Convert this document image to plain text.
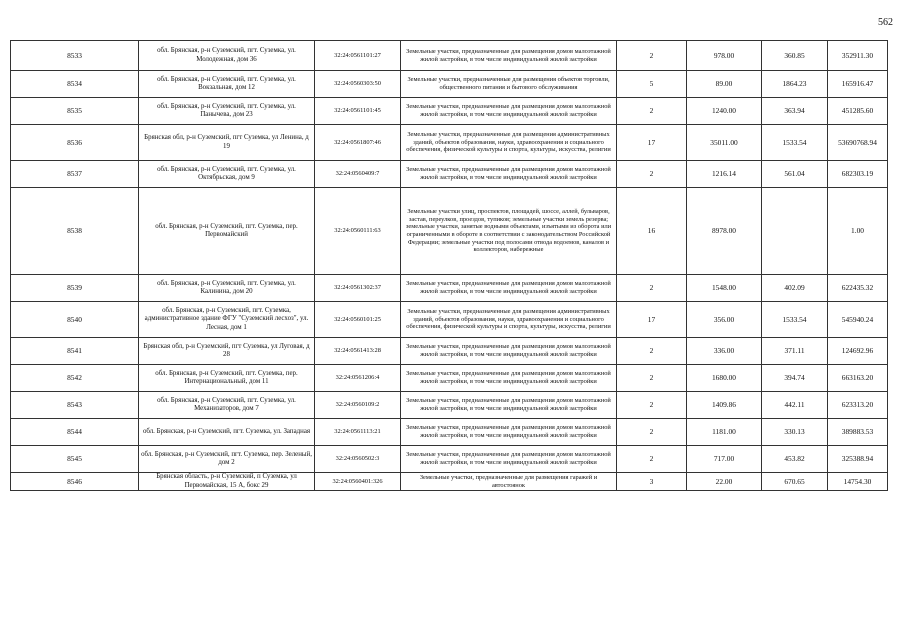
562
8533	обл. Брянская, р-н Суземский, пгт. Суземка, ул. Молодежная, дом 36	32:24:0561101:27	Земельные участки, предназначенные для размещения домов малоэтажной жилой застройки, в том числе индивидуальной жилой застройки	2	978.00	360.85	352911.30
8534	обл. Брянская, р-н Суземский, пгт. Суземка, ул. Вокзальная, дом 12	32:24:0560303:50	Земельные участки, предназначенные для размещения объектов торговли, общественного питания и бытового обслуживания	5	89.00	1864.23	165916.47
8535	обл. Брянская, р-н Суземский, пгт. Суземка, ул. Панычева, дом 23	32:24:0561101:45	Земельные участки, предназначенные для размещения домов малоэтажной жилой застройки, в том числе индивидуальной жилой застройки	2	1240.00	363.94	451285.60
8536	Брянская обл, р-н Суземский, пгт Суземка, ул Ленина, д 19	32:24:0561807:46	Земельные участки, предназначенные для размещения административных зданий, объектов образования, науки, здравоохранения и социального обеспечения, физической культуры и спорта, культуры, искусства, религии	17	35011.00	1533.54	53690768.94
8537	обл. Брянская, р-н Суземский, пгт. Суземка, ул. Октябрьская, дом 9	32:24:0560409:7	Земельные участки, предназначенные для размещения домов малоэтажной жилой застройки, в том числе индивидуальной жилой застройки	2	1216.14	561.04	682303.19
8538	обл. Брянская, р-н Суземский, пгт. Суземка, пер. Первомайский	32:24:0560111:63	Земельные участки улиц, проспектов, площадей, шоссе, аллей, бульваров, застав, переулков, проездов, тупиков; земельные участки земель резерва; земельные участки, занятые водными объектами, изъятыми из оборота или ограниченными в обороте в соответствии с законодательством Российской Федерации; земельные участки под полосами отвода водоемов, каналов и коллекторов, набережные	16	8978.00		1.00
8539	обл. Брянская, р-н Суземский, пгт. Суземка, ул. Калинина, дом 20	32:24:0561302:37	Земельные участки, предназначенные для размещения домов малоэтажной жилой застройки, в том числе индивидуальной жилой застройки	2	1548.00	402.09	622435.32
8540	обл. Брянская, р-н Суземский, пгт. Суземка, административное здание ФГУ "Суземский лесхоз", ул. Лесная, дом 1	32:24:0560101:25	Земельные участки, предназначенные для размещения административных зданий, объектов образования, науки, здравоохранения и социального обеспечения, физической культуры и спорта, культуры, искусства, религии	17	356.00	1533.54	545940.24
8541	Брянская обл, р-н Суземский, пгт Суземка, ул Луговая, д 28	32:24:0561413:28	Земельные участки, предназначенные для размещения домов малоэтажной жилой застройки, в том числе индивидуальной жилой застройки	2	336.00	371.11	124692.96
8542	обл. Брянская, р-н Суземский, пгт. Суземка, пер. Интернациональный, дом 11	32:24:0561206:4	Земельные участки, предназначенные для размещения домов малоэтажной жилой застройки, в том числе индивидуальной жилой застройки	2	1680.00	394.74	663163.20
8543	обл. Брянская, р-н Суземский, пгт. Суземка, ул. Механизаторов, дом 7	32:24:0560109:2	Земельные участки, предназначенные для размещения домов малоэтажной жилой застройки, в том числе индивидуальной жилой застройки	2	1409.86	442.11	623313.20
8544	обл. Брянская, р-н Суземский, пгт. Суземка, ул. Западная	32:24:0561113:21	Земельные участки, предназначенные для размещения домов малоэтажной жилой застройки, в том числе индивидуальной жилой застройки	2	1181.00	330.13	389883.53
8545	обл. Брянская, р-н Суземский, пгт. Суземка, пер. Зеленый, дом 2	32:24:0560502:3	Земельные участки, предназначенные для размещения домов малоэтажной жилой застройки, в том числе индивидуальной жилой застройки	2	717.00	453.82	325388.94
8546	Брянская область, р-н Суземский, п Суземка, ул Первомайская, 15 А, бокс 29	32:24:0560401:326	Земельные участки, предназначенные для размещения гаражей и автостоянок	3	22.00	670.65	14754.30
